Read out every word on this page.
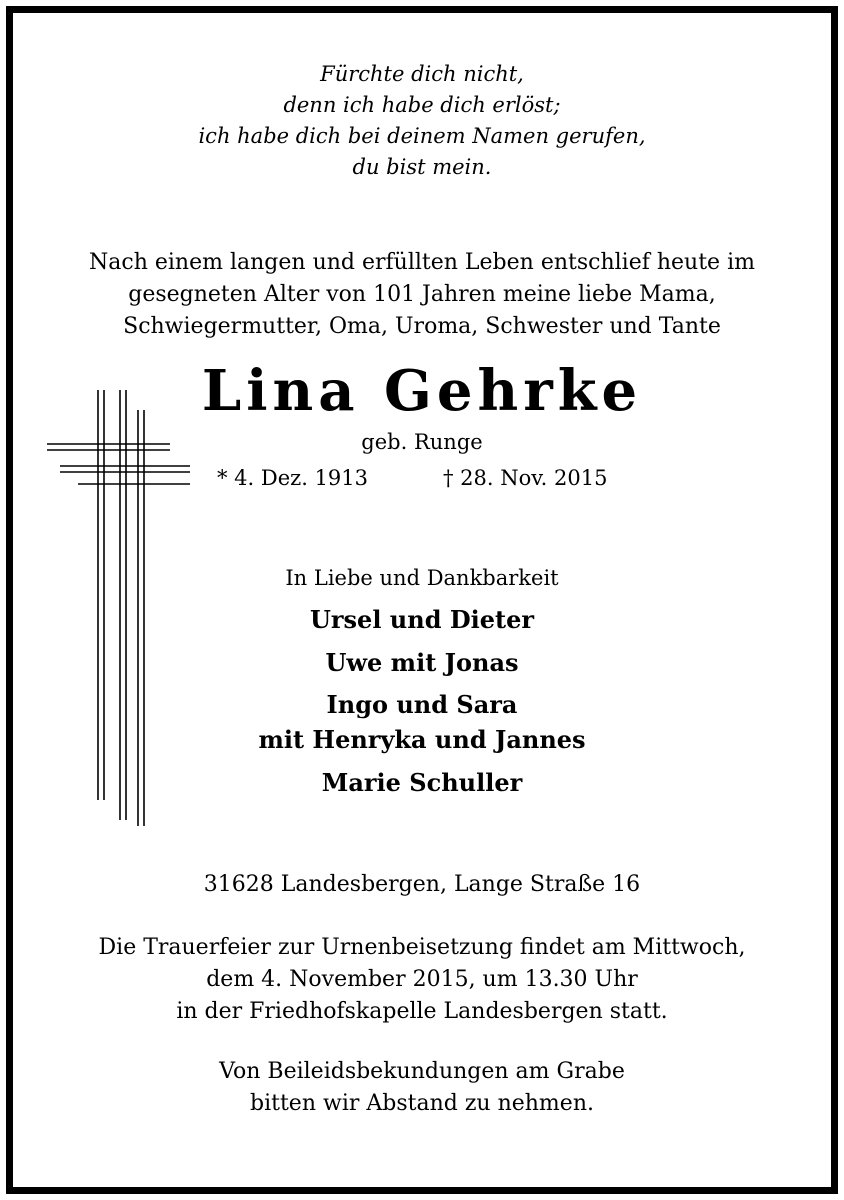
Fürchte dich nicht,
denn ich habe dich erlöst;
ich habe dich bei deinem Namen gerufen,
du bist mein.
Nach einem langen und erfüllten Leben entschlief heute im
gesegneten Alter von 101 Jahren meine liebe Mama,
Schwiegermutter, Oma, Uroma, Schwester und Tante
Lina Gehrke
geb. Runge
* 4. Dez. 1913	† 28. Nov. 2015
In Liebe und Dankbarkeit
Ursel und Dieter
Uwe mit Jonas
Ingo und Sara
mit Henryka und Jannes
Marie Schuller
31628 Landesbergen, Lange Straße 16
Die Trauerfeier zur Urnenbeisetzung findet am Mittwoch,
dem 4. November 2015, um 13.30 Uhr
in der Friedhofskapelle Landesbergen statt.
Von Beileidsbekundungen am Grabe
bitten wir Abstand zu nehmen.
